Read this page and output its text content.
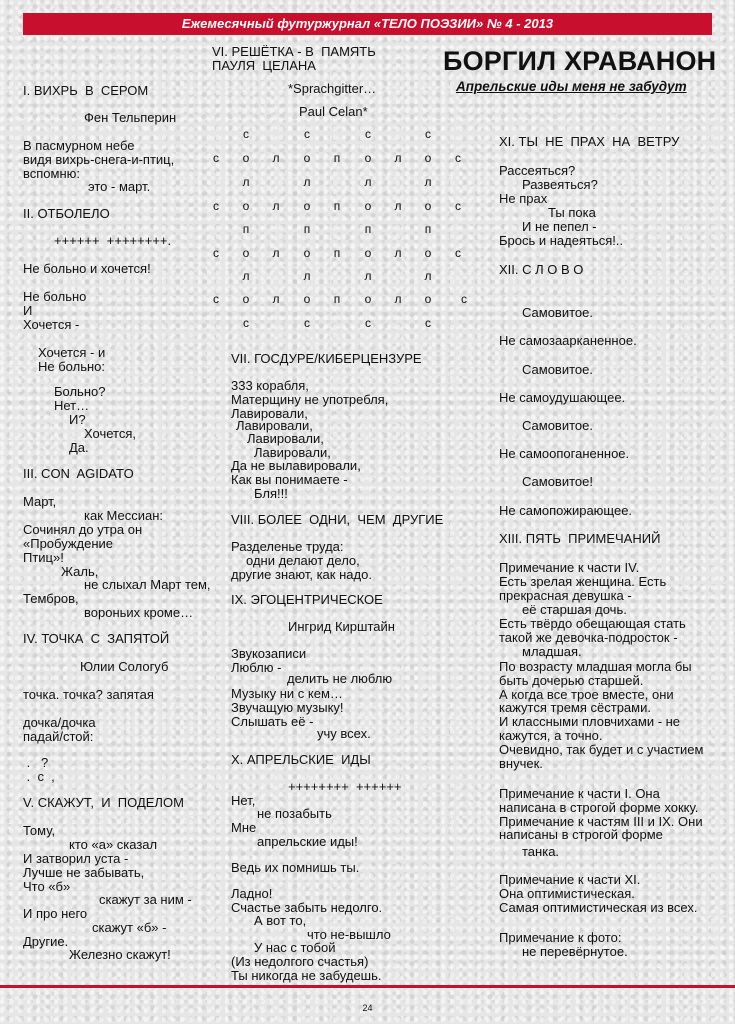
Ежемесячный футуржурнал «ТЕЛО ПОЭЗИИ» № 4 - 2013
БОРГИЛ ХРАВАНОН
Апрельские иды меня не забудут
I. ВИХРЬ  В  СЕРОМ
Фен Тельперин
В пасмурном небе
видя вихрь-снега-и-птиц,
вспомню:
это - март.
II. ОТБОЛЕЛО
++++++  ++++++++.
Не больно и хочется!
Не больно
И
Хочется -
Хочется - и
Не больно:
Больно?
Нет…
И?
Хочется,
Да.
III. CON  AGIDATO
Март,
как Мессиан:
Сочинял до утра он
«Пробуждение
Птиц»!
Жаль,
не слыхал Март тем,
Тембров,
вороньих кроме…
IV. ТОЧКА  С  ЗАПЯТОЙ
Юлии Сологуб
точка. точка? запятая
дочка/дочка
падай/стой:
.   ?
.  с  ,
V. СКАЖУТ,  И  ПОДЕЛОМ
Тому,
кто «а» сказал
И затворил уста -
Лучше не забывать,
Что «б»
скажут за ним -
И про него
скажут «б» -
Другие.
Железно скажут!
VI. РЕШЁТКА - В  ПАМЯТЬ
ПАУЛЯ  ЦЕЛАНА
*Sprachgitter…
Paul Celan*
VII. ГОСДУРЕ/КИБЕРЦЕНЗУРЕ
333 корабля,
Матерщину не употребля,
Лавировали,
Лавировали,
Лавировали,
Лавировали,
Да не вылавировали,
Как вы понимаете -
Бля!!!
VIII. БОЛЕЕ  ОДНИ,  ЧЕМ  ДРУГИЕ
Разделенье труда:
одни делают дело,
другие знают, как надо.
IX. ЭГОЦЕНТРИЧЕСКОЕ
Ингрид Кирштайн
Звукозаписи
Люблю -
делить не люблю
Музыку ни с кем…
Звучащую музыку!
Слышать её -
учу всех.
X. АПРЕЛЬСКИЕ  ИДЫ
++++++++  ++++++
Нет,
не позабыть
Мне
апрельские иды!
Ведь их помнишь ты.
Ладно!
Счастье забыть недолго.
А вот то,
что не-вышло
У нас с тобой
(Из недолгого счастья)
Ты никогда не забудешь.
с	с	с	с
с	о	л	о	п	о	л	о	с
л	л	л	л
с	о	л	о	п	о	л	о	с
п	п	п	п
с	о	л	о	п	о	л	о	с
л	л	л	л
с	о	л	о	п	о	л	о	с
с	с	с	с
XI. ТЫ  НЕ  ПРАХ  НА  ВЕТРУ
Рассеяться?
Развеяться?
Не прах
Ты пока
И не пепел -
Брось и надеяться!..
XII. С Л О В О
Самовитое.
Не самозаарканенное.
Самовитое.
Не самоудушающее.
Самовитое.
Не самоопоганенное.
Самовитое!
Не самопожирающее.
XIII. ПЯТЬ  ПРИМЕЧАНИЙ
Примечание к части IV.
Есть зрелая женщина. Есть
прекрасная девушка -
её старшая дочь.
Есть твёрдо обещающая стать
такой же девочка-подросток -
младшая.
По возрасту младшая могла бы
быть дочерью старшей.
А когда все трое вместе, они
кажутся тремя сёстрами.
И классными пловчихами - не
кажутся, а точно.
Очевидно, так будет и с участием
внучек.
Примечание к части I. Она
написана в строгой форме хокку.
Примечание к частям III и IX. Они
написаны в строгой форме
танка.
Примечание к части XI.
Она оптимистическая.
Самая оптимистическая из всех.
Примечание к фото:
не перевёрнутое.
24
